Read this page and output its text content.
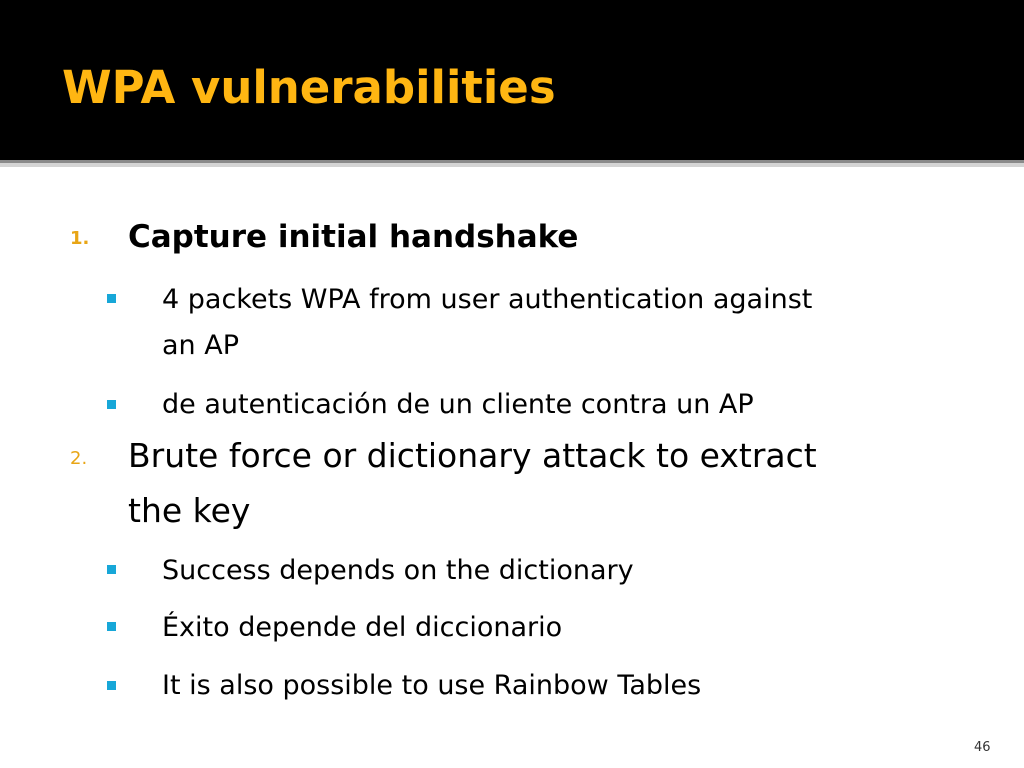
WPA vulnerabilities
1. Capture initial handshake

4 packets WPA from user authentication against

an AP

de autenticación de un cliente contra un AP

2. Brute force or dictionary attack to extract

the key

Success depends on the dictionary

Éxito depende del diccionario

It is also possible to use Rainbow Tables

46
